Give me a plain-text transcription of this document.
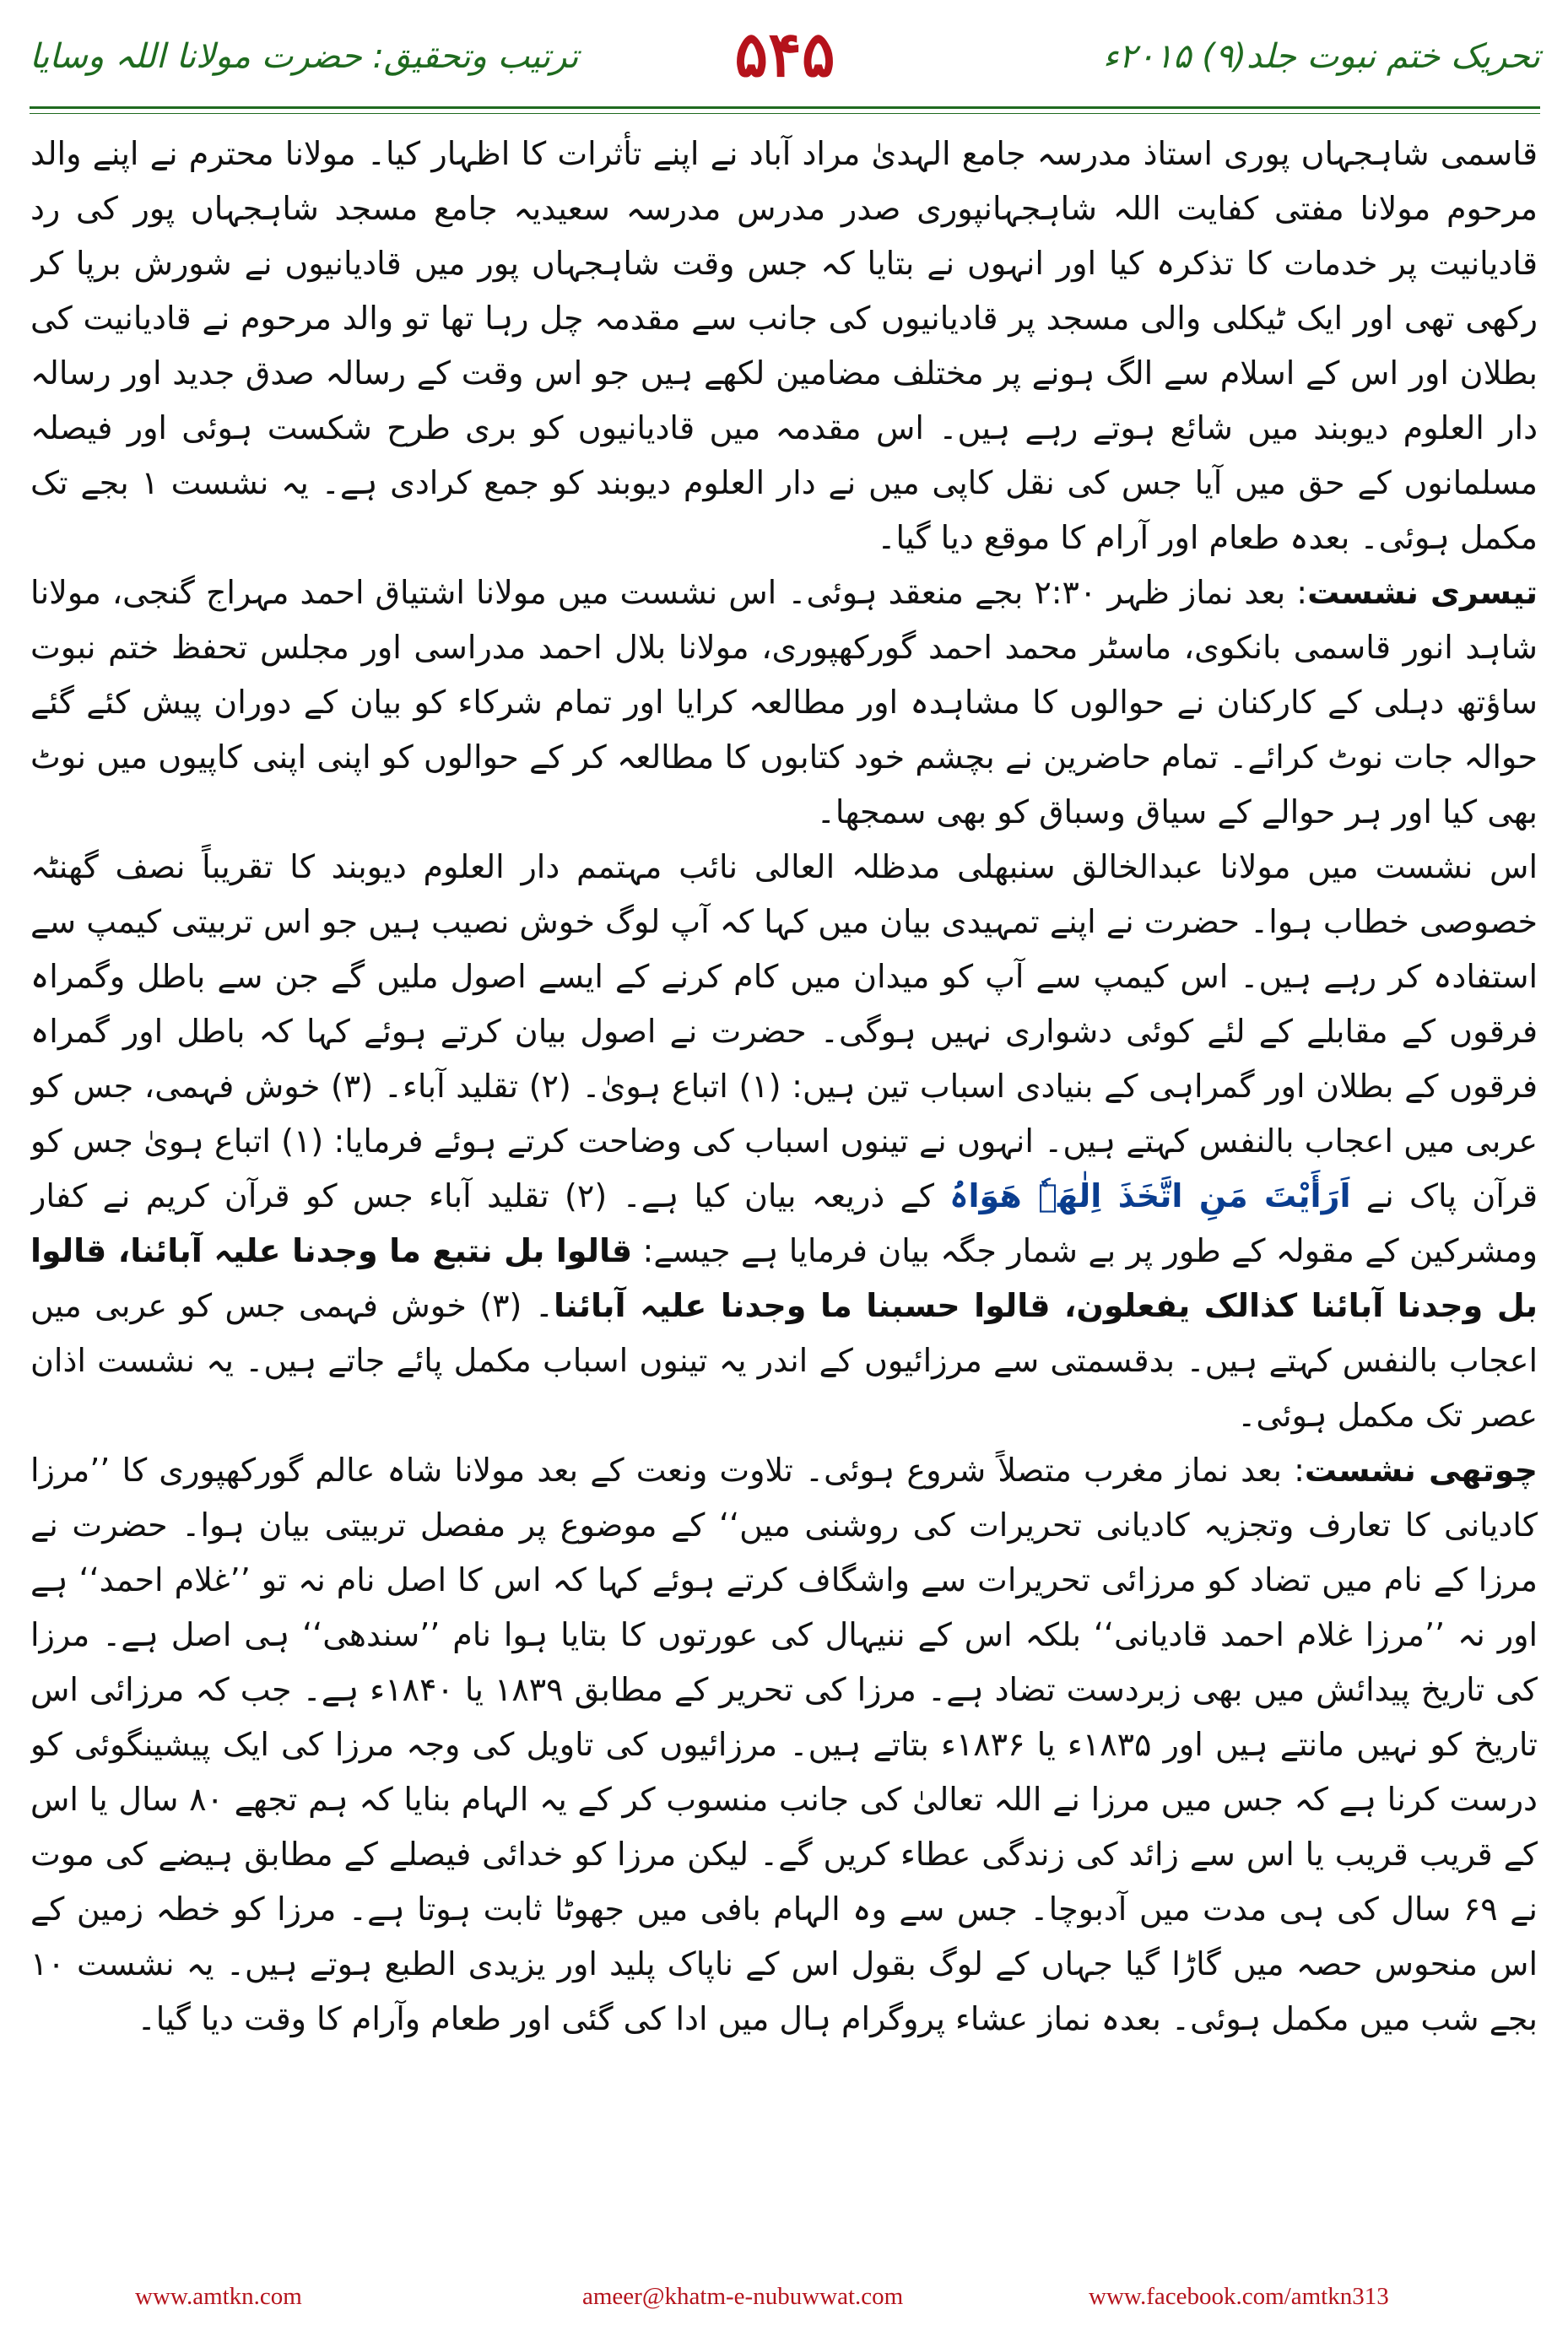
ترتیب وتحقیق: حضرت مولانا اللہ وسایا	۵۴۵	تحریک ختم نبوت جلد(۹) ۲۰۱۵ء

قاسمی شاہجہاں پوری استاذ مدرسہ جامع الہدیٰ مراد آباد نے اپنے تأثرات کا اظہار کیا۔ مولانا محترم نے اپنے والد مرحوم مولانا مفتی کفایت اللہ شاہجہانپوری صدر مدرس مدرسہ سعیدیہ جامع مسجد شاہجہاں پور کی رد قادیانیت پر خدمات کا تذکرہ کیا اور انہوں نے بتایا کہ جس وقت شاہجہاں پور میں قادیانیوں نے شورش برپا کر رکھی تھی اور ایک ٹیکلی والی مسجد پر قادیانیوں کی جانب سے مقدمہ چل رہا تھا تو والد مرحوم نے قادیانیت کی بطلان اور اس کے اسلام سے الگ ہونے پر مختلف مضامین لکھے ہیں جو اس وقت کے رسالہ صدق جدید اور رسالہ دار العلوم دیوبند میں شائع ہوتے رہے ہیں۔ اس مقدمہ میں قادیانیوں کو بری طرح شکست ہوئی اور فیصلہ مسلمانوں کے حق میں آیا جس کی نقل کاپی میں نے دار العلوم دیوبند کو جمع کرادی ہے۔ یہ نشست ۱ بجے تک مکمل ہوئی۔ بعدہ طعام اور آرام کا موقع دیا گیا۔

تیسری نشست: بعد نماز ظہر ۲:۳۰ بجے منعقد ہوئی۔ اس نشست میں مولانا اشتیاق احمد مہراج گنجی، مولانا شاہد انور قاسمی بانکوی، ماسٹر محمد احمد گورکھپوری، مولانا بلال احمد مدراسی اور مجلس تحفظ ختم نبوت ساؤتھ دہلی کے کارکنان نے حوالوں کا مشاہدہ اور مطالعہ کرایا اور تمام شرکاء کو بیان کے دوران پیش کئے گئے حوالہ جات نوٹ کرائے۔ تمام حاضرین نے بچشم خود کتابوں کا مطالعہ کر کے حوالوں کو اپنی اپنی کاپیوں میں نوٹ بھی کیا اور ہر حوالے کے سیاق وسباق کو بھی سمجھا۔

اس نشست میں مولانا عبدالخالق سنبھلی مدظلہ العالی نائب مہتمم دار العلوم دیوبند کا تقریباً نصف گھنٹہ خصوصی خطاب ہوا۔ حضرت نے اپنے تمہیدی بیان میں کہا کہ آپ لوگ خوش نصیب ہیں جو اس تربیتی کیمپ سے استفادہ کر رہے ہیں۔ اس کیمپ سے آپ کو میدان میں کام کرنے کے ایسے اصول ملیں گے جن سے باطل وگمراہ فرقوں کے مقابلے کے لئے کوئی دشواری نہیں ہوگی۔ حضرت نے اصول بیان کرتے ہوئے کہا کہ باطل اور گمراہ فرقوں کے بطلان اور گمراہی کے بنیادی اسباب تین ہیں: (۱) اتباع ہویٰ۔ (۲) تقلید آباء۔ (۳) خوش فہمی، جس کو عربی میں اعجاب بالنفس کہتے ہیں۔ انہوں نے تینوں اسباب کی وضاحت کرتے ہوئے فرمایا: (۱) اتباع ہویٰ جس کو قرآن پاک نے اَرَأَیْتَ مَنِ اتَّخَذَ اِلٰھَہٗ ھَوَاہُ کے ذریعہ بیان کیا ہے۔ (۲) تقلید آباء جس کو قرآن کریم نے کفار ومشرکین کے مقولہ کے طور پر بے شمار جگہ بیان فرمایا ہے جیسے: قالوا بل نتبع ما وجدنا علیہ آبائنا، قالوا بل وجدنا آبائنا کذالک یفعلون، قالوا حسبنا ما وجدنا علیہ آبائنا۔ (۳) خوش فہمی جس کو عربی میں اعجاب بالنفس کہتے ہیں۔ بدقسمتی سے مرزائیوں کے اندر یہ تینوں اسباب مکمل پائے جاتے ہیں۔ یہ نشست اذان عصر تک مکمل ہوئی۔

چوتھی نشست: بعد نماز مغرب متصلاً شروع ہوئی۔ تلاوت ونعت کے بعد مولانا شاہ عالم گورکھپوری کا ’’مرزا کادیانی کا تعارف وتجزیہ کادیانی تحریرات کی روشنی میں‘‘ کے موضوع پر مفصل تربیتی بیان ہوا۔ حضرت نے مرزا کے نام میں تضاد کو مرزائی تحریرات سے واشگاف کرتے ہوئے کہا کہ اس کا اصل نام نہ تو ’’غلام احمد‘‘ ہے اور نہ ’’مرزا غلام احمد قادیانی‘‘ بلکہ اس کے ننیہال کی عورتوں کا بتایا ہوا نام ’’سندھی‘‘ ہی اصل ہے۔ مرزا کی تاریخ پیدائش میں بھی زبردست تضاد ہے۔ مرزا کی تحریر کے مطابق ۱۸۳۹ یا ۱۸۴۰ء ہے۔ جب کہ مرزائی اس تاریخ کو نہیں مانتے ہیں اور ۱۸۳۵ء یا ۱۸۳۶ء بتاتے ہیں۔ مرزائیوں کی تاویل کی وجہ مرزا کی ایک پیشینگوئی کو درست کرنا ہے کہ جس میں مرزا نے اللہ تعالیٰ کی جانب منسوب کر کے یہ الہام بنایا کہ ہم تجھے ۸۰ سال یا اس کے قریب قریب یا اس سے زائد کی زندگی عطاء کریں گے۔ لیکن مرزا کو خدائی فیصلے کے مطابق ہیضے کی موت نے ۶۹ سال کی ہی مدت میں آدبوچا۔ جس سے وہ الہام بافی میں جھوٹا ثابت ہوتا ہے۔ مرزا کو خطہ زمین کے اس منحوس حصہ میں گاڑا گیا جہاں کے لوگ بقول اس کے ناپاک پلید اور یزیدی الطبع ہوتے ہیں۔ یہ نشست ۱۰ بجے شب میں مکمل ہوئی۔ بعدہ نماز عشاء پروگرام ہال میں ادا کی گئی اور طعام وآرام کا وقت دیا گیا۔

www.amtkn.com	ameer@khatm-e-nubuwwat.com	www.facebook.com/amtkn313
